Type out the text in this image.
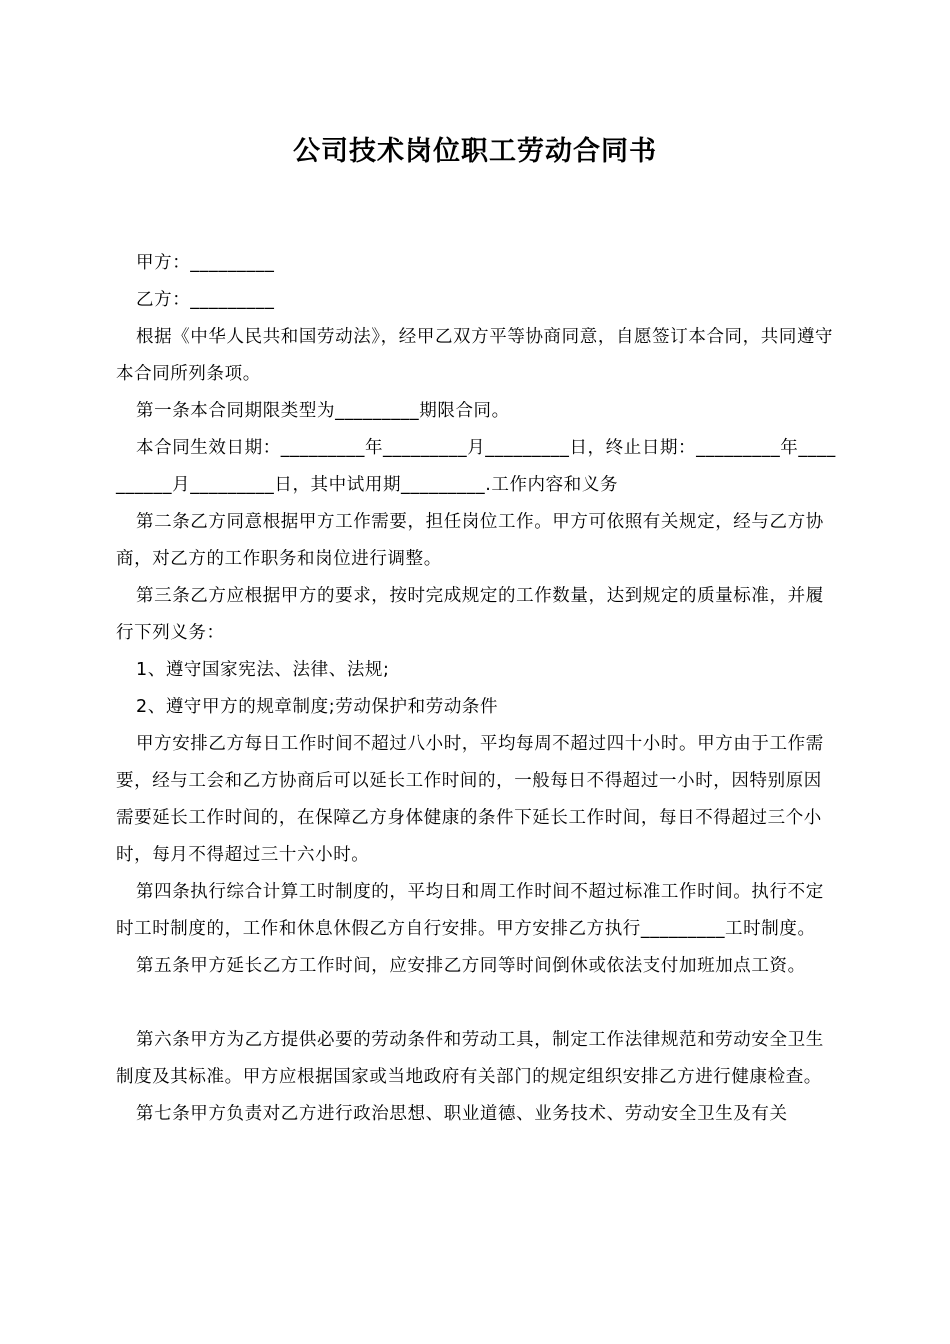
公司技术岗位职工劳动合同书

甲方：_________

乙方：_________

根据《中华人民共和国劳动法》，经甲乙双方平等协商同意，自愿签订本合同，共同遵守本合同所列条项。

第一条本合同期限类型为_________期限合同。

本合同生效日期：_________年_________月_________日，终止日期：_________年__________月_________日，其中试用期_________.工作内容和义务

第二条乙方同意根据甲方工作需要，担任岗位工作。甲方可依照有关规定，经与乙方协商，对乙方的工作职务和岗位进行调整。

第三条乙方应根据甲方的要求，按时完成规定的工作数量，达到规定的质量标准，并履行下列义务：

1、遵守国家宪法、法律、法规;

2、遵守甲方的规章制度;劳动保护和劳动条件

甲方安排乙方每日工作时间不超过八小时，平均每周不超过四十小时。甲方由于工作需要，经与工会和乙方协商后可以延长工作时间的，一般每日不得超过一小时，因特别原因需要延长工作时间的，在保障乙方身体健康的条件下延长工作时间，每日不得超过三个小时，每月不得超过三十六小时。

第四条执行综合计算工时制度的，平均日和周工作时间不超过标准工作时间。执行不定时工时制度的，工作和休息休假乙方自行安排。甲方安排乙方执行_________工时制度。

第五条甲方延长乙方工作时间，应安排乙方同等时间倒休或依法支付加班加点工资。

第六条甲方为乙方提供必要的劳动条件和劳动工具，制定工作法律规范和劳动安全卫生制度及其标准。甲方应根据国家或当地政府有关部门的规定组织安排乙方进行健康检查。

第七条甲方负责对乙方进行政治思想、职业道德、业务技术、劳动安全卫生及有关
